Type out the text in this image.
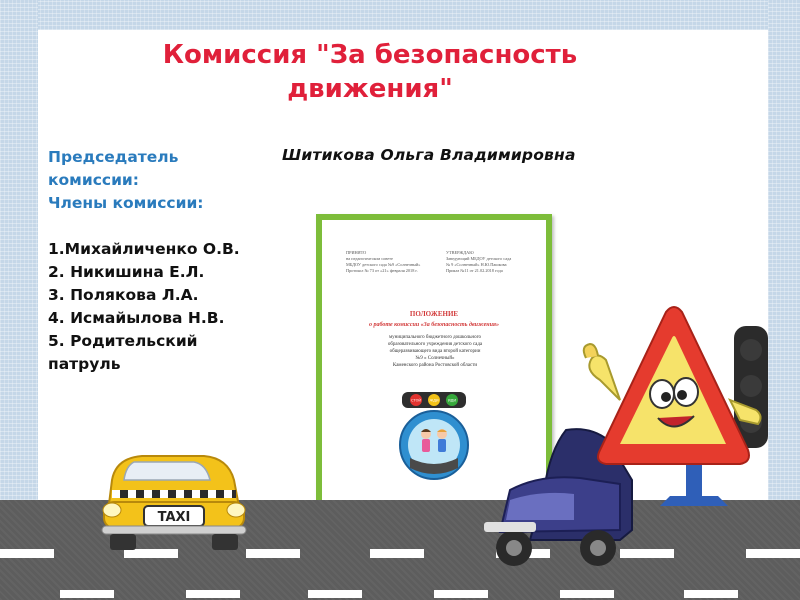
Комиссия "За безопасность
движения"
Председатель комиссии:
Члены комиссии:
1.Михайличенко О.В.
2. Никишина Е.Л.
3. Полякова Л.А.
4. Исмайылова Н.В.
5. Родительский патруль
Шитикова Ольга Владимировна
ПРИНЯТО
на педагогическом совете
МБДОУ детского сада №9 «Солнечный»
Протокол № 73 от «21» февраля 2018 г.
УТВЕРЖДАЮ
Заведующий МБДОУ детского сада
№ 9 «Солнечный» Н.Ю.Пашкова
Приказ №11 от 21.02.2018 года
ПОЛОЖЕНИЕ
о работе комиссии «За безопасность движения»
муниципального бюджетного дошкольного
образовательного учреждения детского сада
общеразвивающего вида второй категории
№9 « Солнечный»
Каменского района Ростовской области
СТОЙ ЖДИ	ИДИ
TAXI
